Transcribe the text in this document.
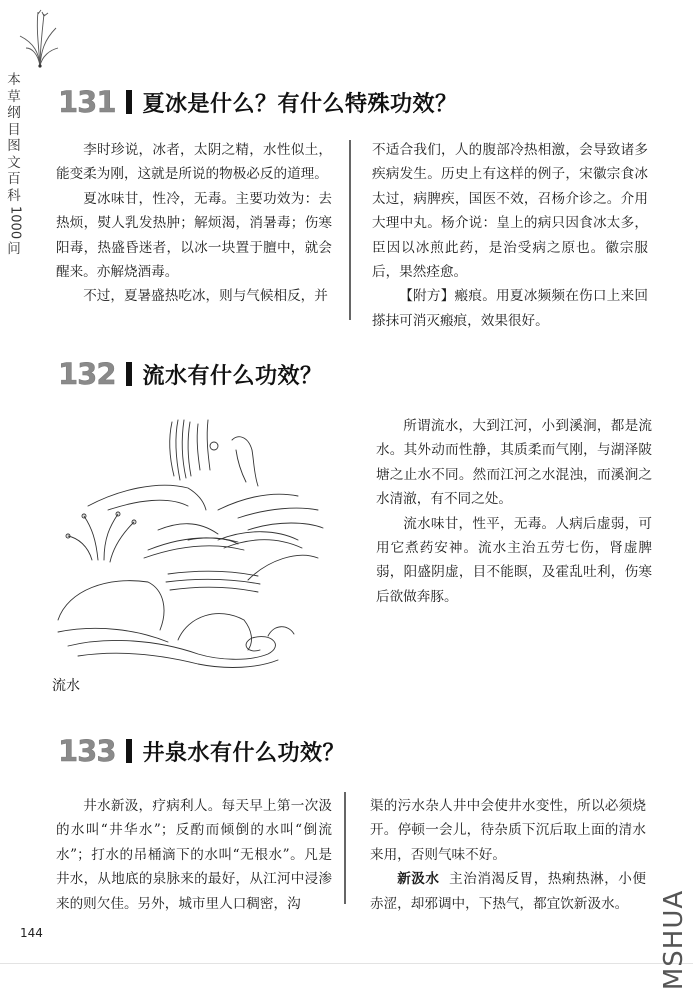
本
草
纲
目
图
文
百
科
1000
问
131 夏冰是什么？有什么特殊功效？

李时珍说，冰者，太阴之精，水性似土，能变柔为刚，这就是所说的物极必反的道理。

夏冰味甘，性冷，无毒。主要功效为：去热烦，熨人乳发热肿；解烦渴，消暑毒；伤寒阳毒，热盛昏迷者，以冰一块置于膻中，就会醒来。亦解烧酒毒。

不过，夏暑盛热吃冰，则与气候相反，并

不适合我们，人的腹部冷热相激，会导致诸多疾病发生。历史上有这样的例子，宋徽宗食冰太过，病脾疾，国医不效，召杨介诊之。介用大理中丸。杨介说：皇上的病只因食冰太多，臣因以冰煎此药，是治受病之原也。徽宗服后，果然痊愈。

【附方】瘢痕。用夏冰频频在伤口上来回搽抹可消灭瘢痕，效果很好。

132 流水有什么功效？
流水

所谓流水，大到江河，小到溪涧，都是流水。其外动而性静，其质柔而气刚，与湖泽陂塘之止水不同。然而江河之水混浊，而溪涧之水清澈，有不同之处。

流水味甘，性平，无毒。人病后虚弱，可用它煮药安神。流水主治五劳七伤，肾虚脾弱，阳盛阴虚，目不能瞑，及霍乱吐利，伤寒后欲做奔豚。

133 井泉水有什么功效？

井水新汲，疗病利人。每天早上第一次汲的水叫“井华水”；反酌而倾倒的水叫“倒流水”；打水的吊桶滴下的水叫“无根水”。凡是井水，从地底的泉脉来的最好，从江河中浸渗来的则欠佳。另外，城市里人口稠密，沟

渠的污水杂人井中会使井水变性，所以必须烧开。停顿一会儿，待杂质下沉后取上面的清水来用，否则气味不好。

新汲水  主治消渴反胃，热痢热淋，小便赤涩，却邪调中，下热气，都宜饮新汲水。

144	MSHUA
